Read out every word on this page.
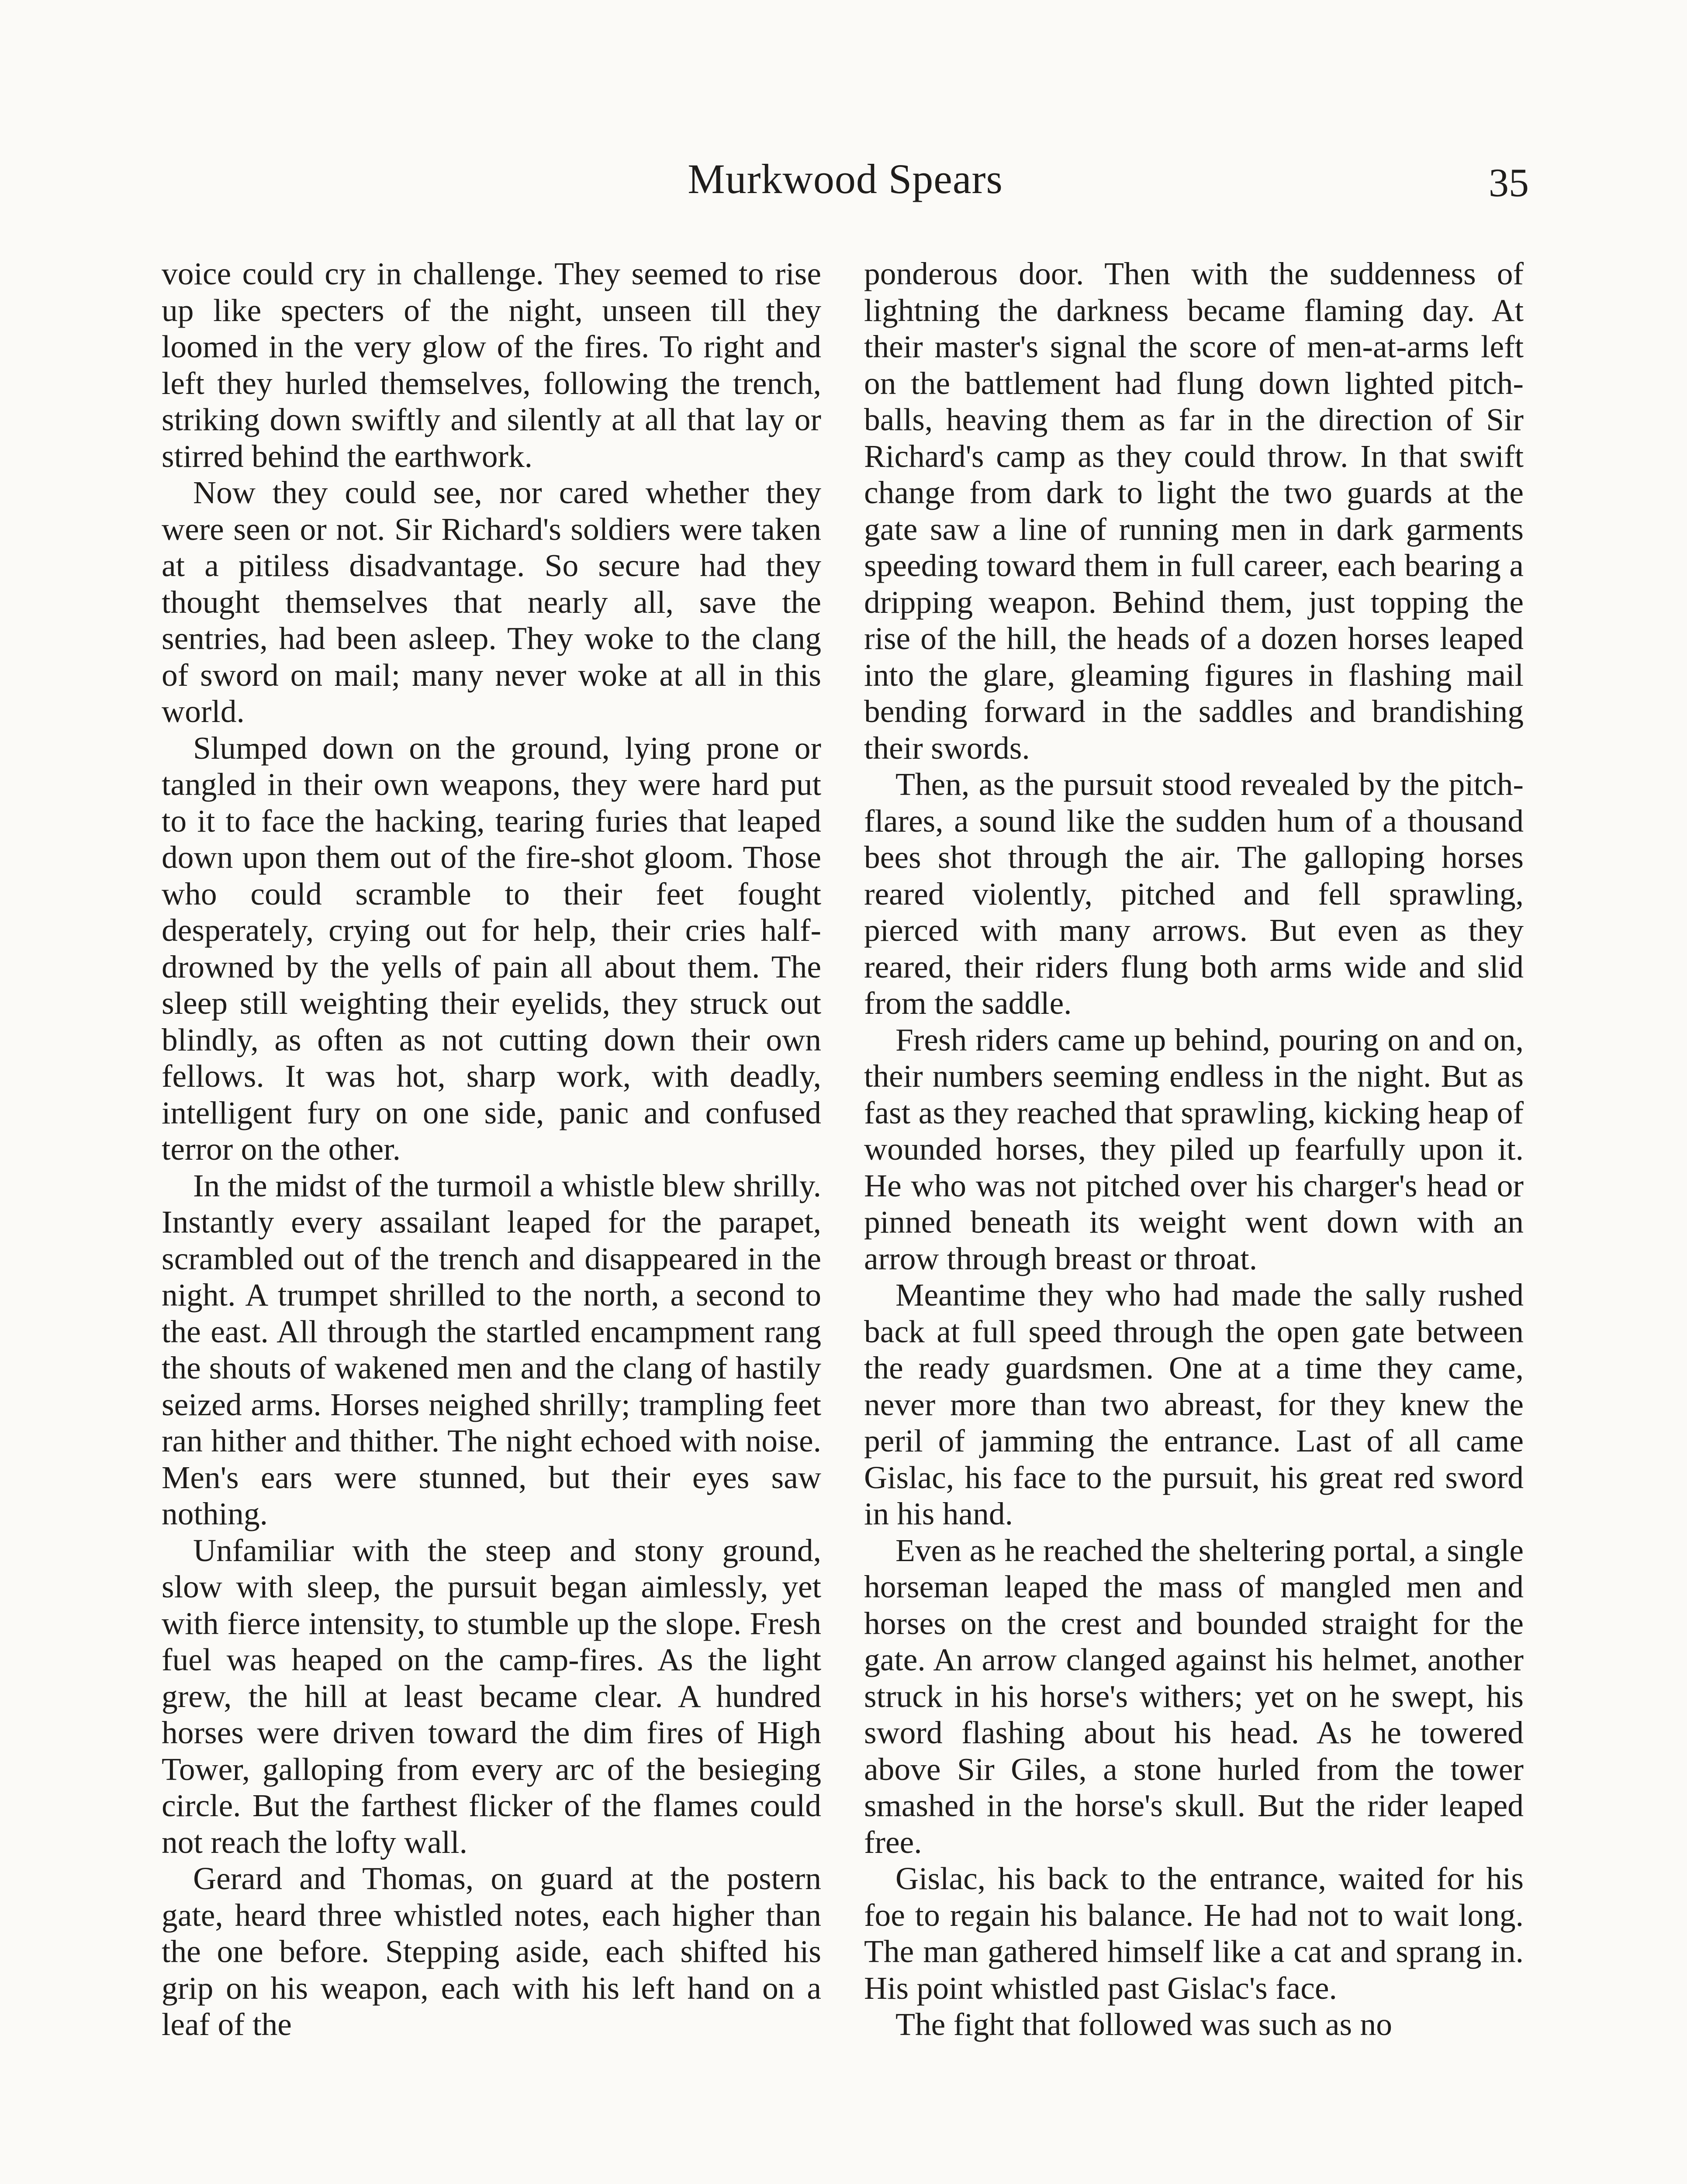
Murkwood Spears	35

voice could cry in challenge. They seemed to rise up like specters of the night, unseen till they loomed in the very glow of the fires. To right and left they hurled themselves, following the trench, striking down swiftly and silently at all that lay or stirred behind the earthwork.

Now they could see, nor cared whether they were seen or not. Sir Richard's soldiers were taken at a pitiless disadvantage. So secure had they thought themselves that nearly all, save the sentries, had been asleep. They woke to the clang of sword on mail; many never woke at all in this world.

Slumped down on the ground, lying prone or tangled in their own weapons, they were hard put to it to face the hacking, tearing furies that leaped down upon them out of the fire-shot gloom. Those who could scramble to their feet fought desperately, crying out for help, their cries half-drowned by the yells of pain all about them. The sleep still weighting their eyelids, they struck out blindly, as often as not cutting down their own fellows. It was hot, sharp work, with deadly, intelligent fury on one side, panic and confused terror on the other.

In the midst of the turmoil a whistle blew shrilly. Instantly every assailant leaped for the parapet, scrambled out of the trench and disappeared in the night. A trumpet shrilled to the north, a second to the east. All through the startled encampment rang the shouts of wakened men and the clang of hastily seized arms. Horses neighed shrilly; trampling feet ran hither and thither. The night echoed with noise. Men's ears were stunned, but their eyes saw nothing.

Unfamiliar with the steep and stony ground, slow with sleep, the pursuit began aimlessly, yet with fierce intensity, to stumble up the slope. Fresh fuel was heaped on the camp-fires. As the light grew, the hill at least became clear. A hundred horses were driven toward the dim fires of High Tower, galloping from every arc of the besieging circle. But the farthest flicker of the flames could not reach the lofty wall.

Gerard and Thomas, on guard at the postern gate, heard three whistled notes, each higher than the one before. Stepping aside, each shifted his grip on his weapon, each with his left hand on a leaf of the

ponderous door. Then with the suddenness of lightning the darkness became flaming day. At their master's signal the score of men-at-arms left on the battlement had flung down lighted pitch-balls, heaving them as far in the direction of Sir Richard's camp as they could throw. In that swift change from dark to light the two guards at the gate saw a line of running men in dark garments speeding toward them in full career, each bearing a dripping weapon. Behind them, just topping the rise of the hill, the heads of a dozen horses leaped into the glare, gleaming figures in flashing mail bending forward in the saddles and brandishing their swords.

Then, as the pursuit stood revealed by the pitch-flares, a sound like the sudden hum of a thousand bees shot through the air. The galloping horses reared violently, pitched and fell sprawling, pierced with many arrows. But even as they reared, their riders flung both arms wide and slid from the saddle.

Fresh riders came up behind, pouring on and on, their numbers seeming endless in the night. But as fast as they reached that sprawling, kicking heap of wounded horses, they piled up fearfully upon it. He who was not pitched over his charger's head or pinned beneath its weight went down with an arrow through breast or throat.

Meantime they who had made the sally rushed back at full speed through the open gate between the ready guardsmen. One at a time they came, never more than two abreast, for they knew the peril of jamming the entrance. Last of all came Gislac, his face to the pursuit, his great red sword in his hand.

Even as he reached the sheltering portal, a single horseman leaped the mass of mangled men and horses on the crest and bounded straight for the gate. An arrow clanged against his helmet, another struck in his horse's withers; yet on he swept, his sword flashing about his head. As he towered above Sir Giles, a stone hurled from the tower smashed in the horse's skull. But the rider leaped free.

Gislac, his back to the entrance, waited for his foe to regain his balance. He had not to wait long. The man gathered himself like a cat and sprang in. His point whistled past Gislac's face.

The fight that followed was such as no
